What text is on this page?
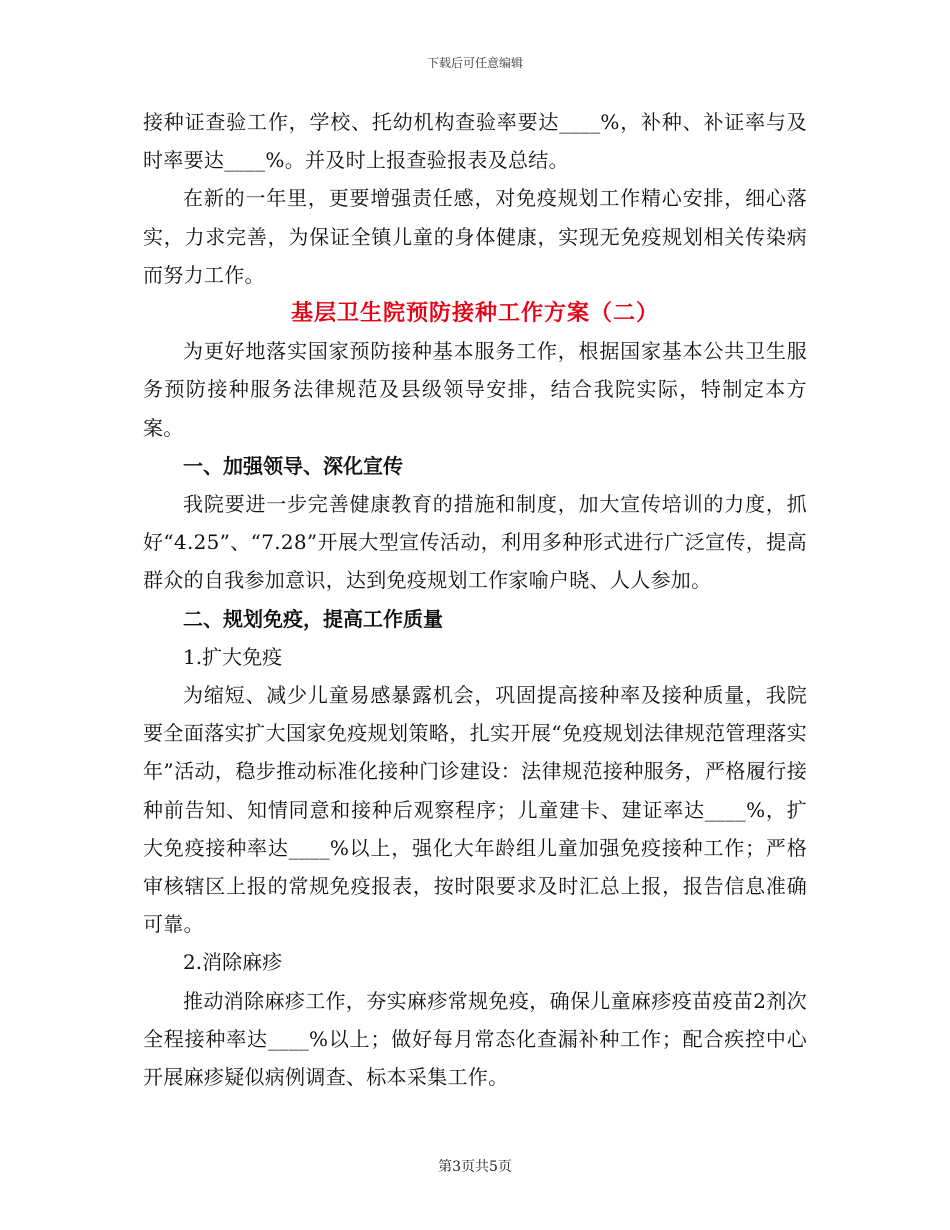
下载后可任意编辑

接种证查验工作，学校、托幼机构查验率要达____%，补种、补证率与及时率要达____%。并及时上报查验报表及总结。

在新的一年里，更要增强责任感，对免疫规划工作精心安排，细心落实，力求完善，为保证全镇儿童的身体健康，实现无免疫规划相关传染病而努力工作。

基层卫生院预防接种工作方案（二）

为更好地落实国家预防接种基本服务工作，根据国家基本公共卫生服务预防接种服务法律规范及县级领导安排，结合我院实际，特制定本方案。

一、加强领导、深化宣传

我院要进一步完善健康教育的措施和制度，加大宣传培训的力度，抓好“4.25”、“7.28”开展大型宣传活动，利用多种形式进行广泛宣传，提高群众的自我参加意识，达到免疫规划工作家喻户晓、人人参加。

二、规划免疫，提高工作质量

1.扩大免疫

为缩短、减少儿童易感暴露机会，巩固提高接种率及接种质量，我院要全面落实扩大国家免疫规划策略，扎实开展“免疫规划法律规范管理落实年”活动，稳步推动标准化接种门诊建设：法律规范接种服务，严格履行接种前告知、知情同意和接种后观察程序；儿童建卡、建证率达____%，扩大免疫接种率达____%以上，强化大年龄组儿童加强免疫接种工作；严格审核辖区上报的常规免疫报表，按时限要求及时汇总上报，报告信息准确可靠。

2.消除麻疹

推动消除麻疹工作，夯实麻疹常规免疫，确保儿童麻疹疫苗疫苗2剂次全程接种率达____%以上；做好每月常态化查漏补种工作；配合疾控中心开展麻疹疑似病例调查、标本采集工作。

第3页共5页
